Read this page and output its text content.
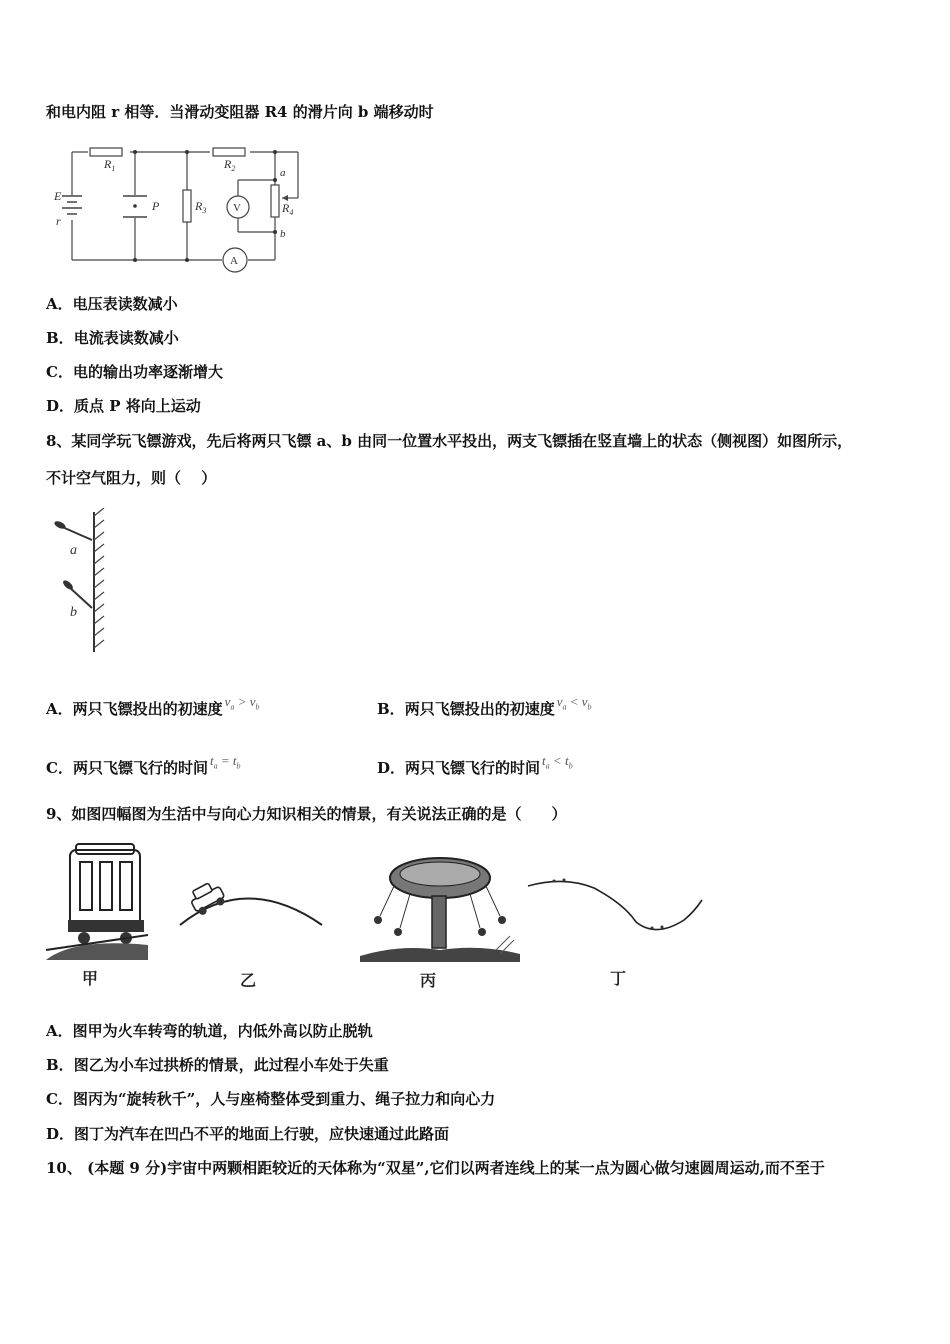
和电内阻 r 相等．当滑动变阻器 R4 的滑片向 b 端移动时
E
r
$R_1$	$R_2$
$R_3$	$R_4$
P
a
b
V
A
A．电压表读数减小
B．电流表读数减小
C．电的输出功率逐渐增大
D．质点 P 将向上运动
8、某同学玩飞镖游戏，先后将两只飞镖 a、b 由同一位置水平投出，两支飞镖插在竖直墙上的状态（侧视图）如图所示，
不计空气阻力，则（　 ）
a
b
A．两只飞镖投出的初速度 $v_a > v_b$	B．两只飞镖投出的初速度 $v_a < v_b$
C．两只飞镖飞行的时间 $t_a = t_b$	D．两只飞镖飞行的时间 $t_a < t_b$
9、如图四幅图为生活中与向心力知识相关的情景，有关说法正确的是（　　）
甲	乙	丙	丁
A．图甲为火车转弯的轨道，内低外高以防止脱轨
B．图乙为小车过拱桥的情景，此过程小车处于失重
C．图丙为“旋转秋千”，人与座椅整体受到重力、绳子拉力和向心力
D．图丁为汽车在凹凸不平的地面上行驶，应快速通过此路面
10、 (本题 9 分)宇宙中两颗相距较近的天体称为“双星”,它们以两者连线上的某一点为圆心做匀速圆周运动,而不至于
